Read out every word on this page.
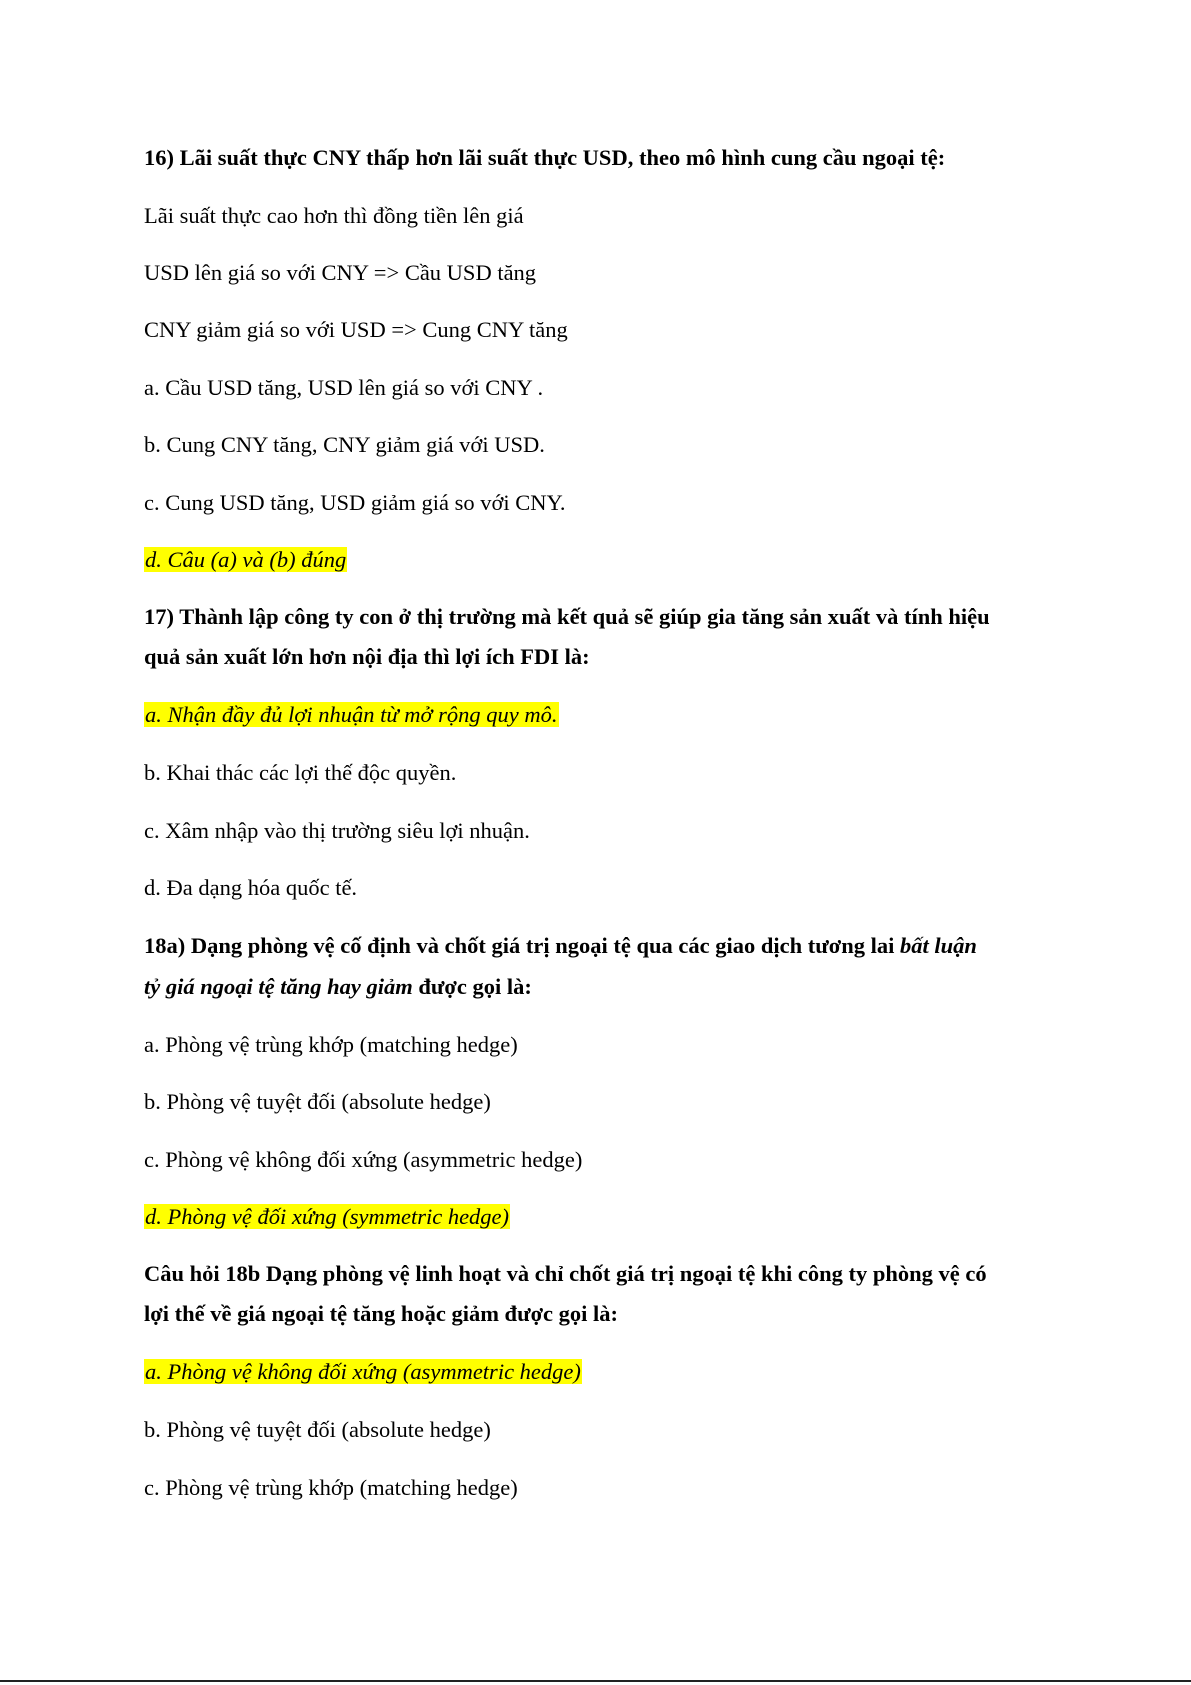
16) Lãi suất thực CNY thấp hơn lãi suất thực USD, theo mô hình cung cầu ngoại tệ:
Lãi suất thực cao hơn thì đồng tiền lên giá
USD lên giá so với CNY => Cầu USD tăng
CNY giảm giá so với USD => Cung CNY tăng
a. Cầu USD tăng, USD lên giá so với CNY .
b. Cung CNY tăng, CNY giảm giá với USD.
c. Cung USD tăng, USD giảm giá so với CNY.
d. Câu (a) và (b) đúng
17) Thành lập công ty con ở thị trường mà kết quả sẽ giúp gia tăng sản xuất và tính hiệu
quả sản xuất lớn hơn nội địa thì lợi ích FDI là:
a. Nhận đầy đủ lợi nhuận từ mở rộng quy mô.
b. Khai thác các lợi thế độc quyền.
c. Xâm nhập vào thị trường siêu lợi nhuận.
d. Đa dạng hóa quốc tế.
18a) Dạng phòng vệ cố định và chốt giá trị ngoại tệ qua các giao dịch tương lai bất luận
tỷ giá ngoại tệ tăng hay giảm được gọi là:
a. Phòng vệ trùng khớp (matching hedge)
b. Phòng vệ tuyệt đối (absolute hedge)
c. Phòng vệ không đối xứng (asymmetric hedge)
d. Phòng vệ đối xứng (symmetric hedge)
Câu hỏi 18b Dạng phòng vệ linh hoạt và chỉ chốt giá trị ngoại tệ khi công ty phòng vệ có
lợi thế về giá ngoại tệ tăng hoặc giảm được gọi là:
a. Phòng vệ không đối xứng (asymmetric hedge)
b. Phòng vệ tuyệt đối (absolute hedge)
c. Phòng vệ trùng khớp (matching hedge)
